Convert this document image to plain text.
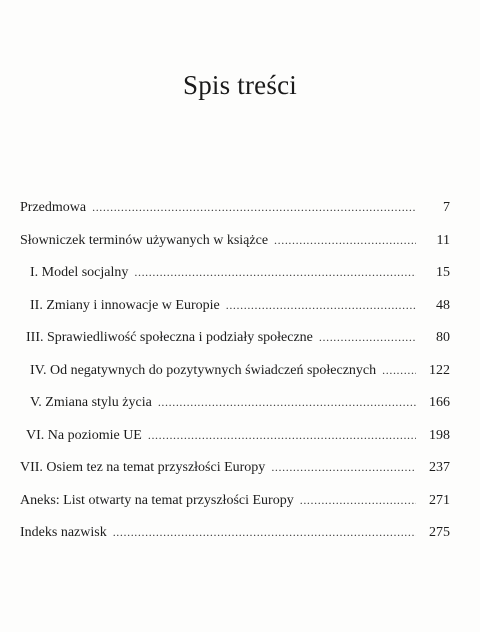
Spis treści
Przedmowa . . .	7
Słowniczek terminów używanych w książce . . .	11
I. Model socjalny . . .	15
II. Zmiany i innowacje w Europie . . .	48
III. Sprawiedliwość społeczna i podziały społeczne . . .	80
IV. Od negatywnych do pozytywnych świadczeń społecznych . . .	122
V. Zmiana stylu życia . . .	166
VI. Na poziomie UE . . .	198
VII. Osiem tez na temat przyszłości Europy . . .	237
Aneks: List otwarty na temat przyszłości Europy . . .	271
Indeks nazwisk . . .	275
